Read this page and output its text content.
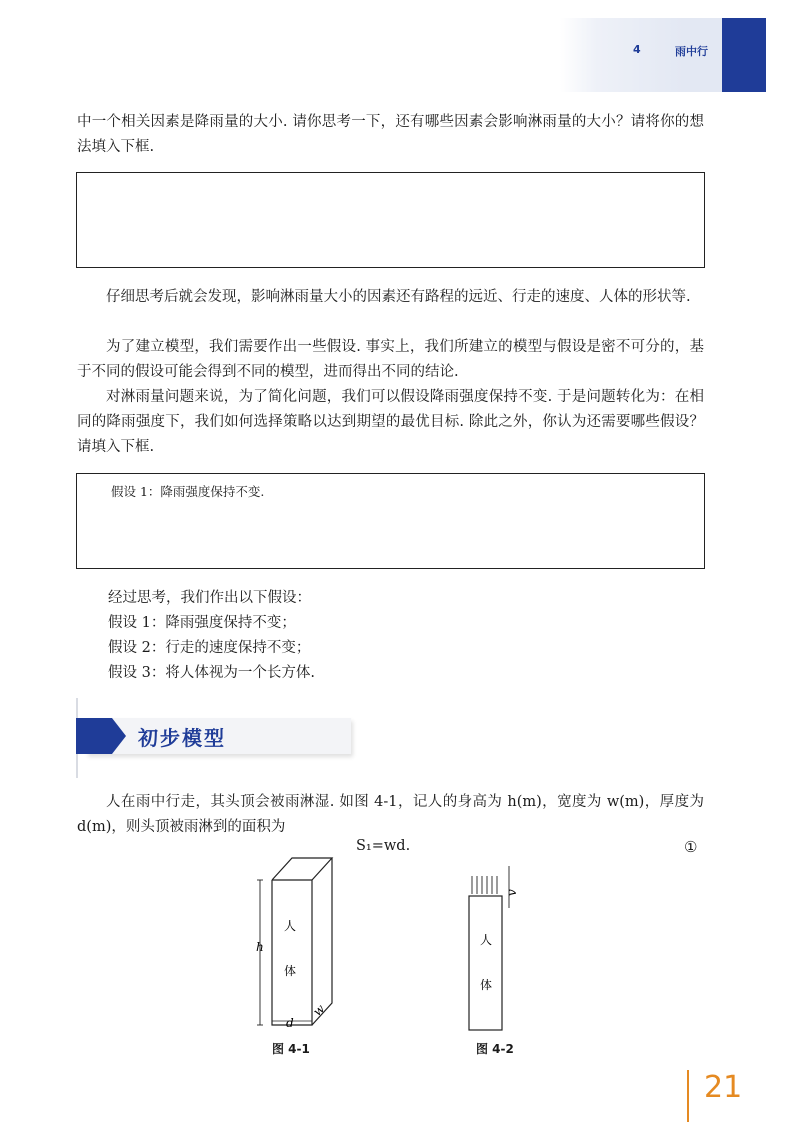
4	雨中行

中一个相关因素是降雨量的大小. 请你思考一下，还有哪些因素会影响淋雨量的大小？请将你的想法填入下框.

仔细思考后就会发现，影响淋雨量大小的因素还有路程的远近、行走的速度、人体的形状等.

为了建立模型，我们需要作出一些假设. 事实上，我们所建立的模型与假设是密不可分的，基于不同的假设可能会得到不同的模型，进而得出不同的结论.

对淋雨量问题来说，为了简化问题，我们可以假设降雨强度保持不变. 于是问题转化为：在相同的降雨强度下，我们如何选择策略以达到期望的最优目标. 除此之外，你认为还需要哪些假设？请填入下框.

假设 1：降雨强度保持不变.

经过思考，我们作出以下假设：

假设 1：降雨强度保持不变；

假设 2：行走的速度保持不变；

假设 3：将人体视为一个长方体.

初步模型

人在雨中行走，其头顶会被雨淋湿. 如图 4-1，记人的身高为 h(m)，宽度为 w(m)，厚度为 d(m)，则头顶被雨淋到的面积为

S₁=wd.	①
h
d
w
人
体
v
人
体
图 4-1	图 4-2
21
